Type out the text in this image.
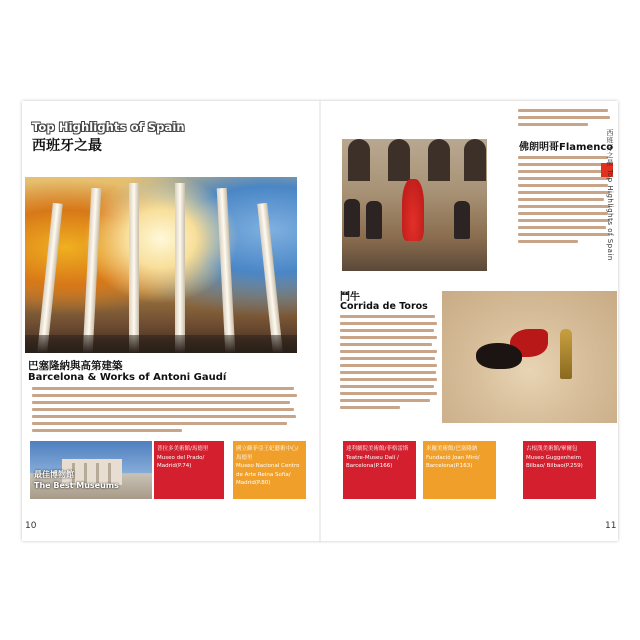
Top Highlights of Spain
西班牙之最
巴塞隆納與高第建築
Barcelona & Works of Antoni Gaudí
10
佛朗明哥Flamenco
西班牙之最 Top Highlights of Spain
鬥牛
Corrida de Toros
最佳博物館
The Best Museums
普拉多美術館/馬德里
Museo del Prado/ Madrid(P.74)
國立蘇菲亞王妃藝術中心/馬德里
Museo Nacional Centro de Arte Reina Sofía/ Madrid(P.80)
達利劇院美術館/菲格雷斯
Teatre-Museu Dalí / Barcelona(P.166)
米羅美術館/巴塞隆納
Fundació Joan Miró/ Barcelona(P.163)
古根漢美術館/畢爾包
Museo Guggenheim Bilbao/ Bilbao(P.259)
11
